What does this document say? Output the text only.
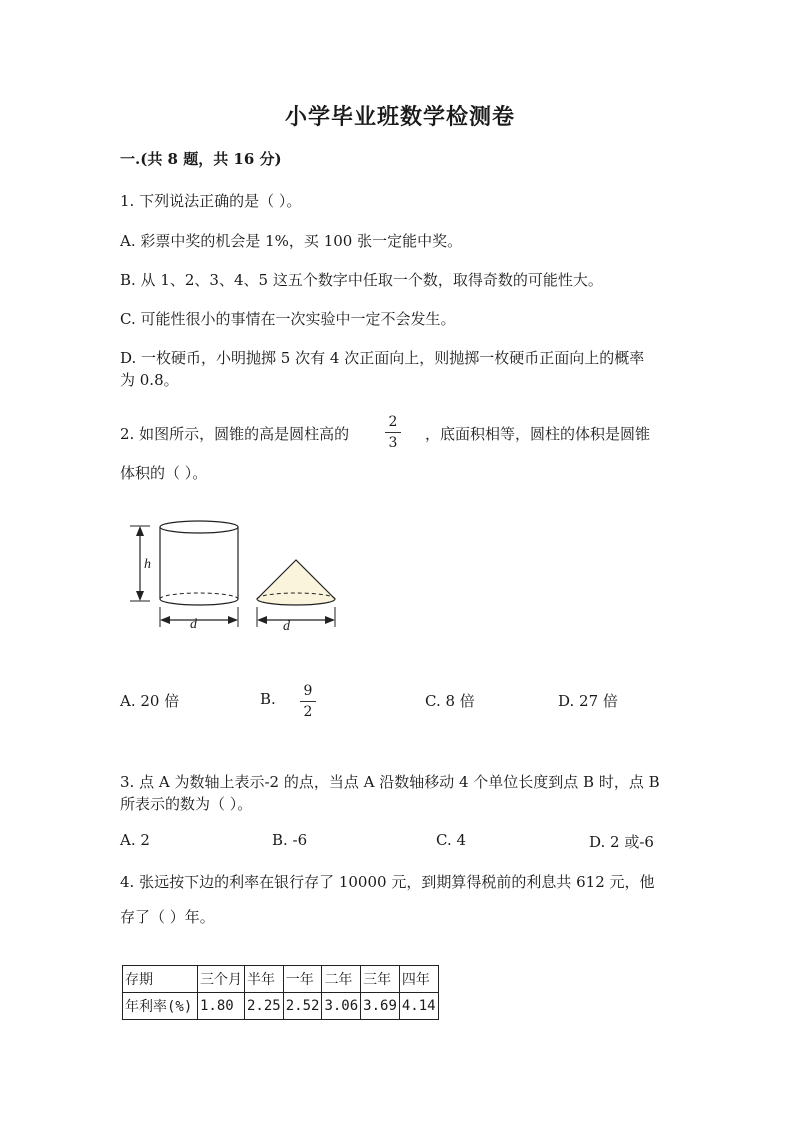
小学毕业班数学检测卷
一.(共 8 题，共 16 分)
1. 下列说法正确的是（ ）。
A. 彩票中奖的机会是 1%，买 100 张一定能中奖。
B. 从 1、2、3、4、5 这五个数字中任取一个数，取得奇数的可能性大。
C. 可能性很小的事情在一次实验中一定不会发生。
D. 一枚硬币，小明抛掷 5 次有 4 次正面向上，则抛掷一枚硬币正面向上的概率
为 0.8。
2. 如图所示，圆锥的高是圆柱高的
2
3 ，底面积相等，圆柱的体积是圆锥
体积的（ ）。
h
d	d
A. 20 倍	B. 9
2
C. 8 倍	D. 27 倍
3. 点 A 为数轴上表示-2 的点，当点 A 沿数轴移动 4 个单位长度到点 B 时，点 B
所表示的数为（ ）。
A. 2	B. -6	C. 4	D. 2 或-6
4. 张远按下边的利率在银行存了 10000 元，到期算得税前的利息共 612 元，他
存了（ ）年。
存期	三个月	半年	一年	二年	三年	四年
年利率(%)	1.80	2.25	2.52	3.06	3.69	4.14
